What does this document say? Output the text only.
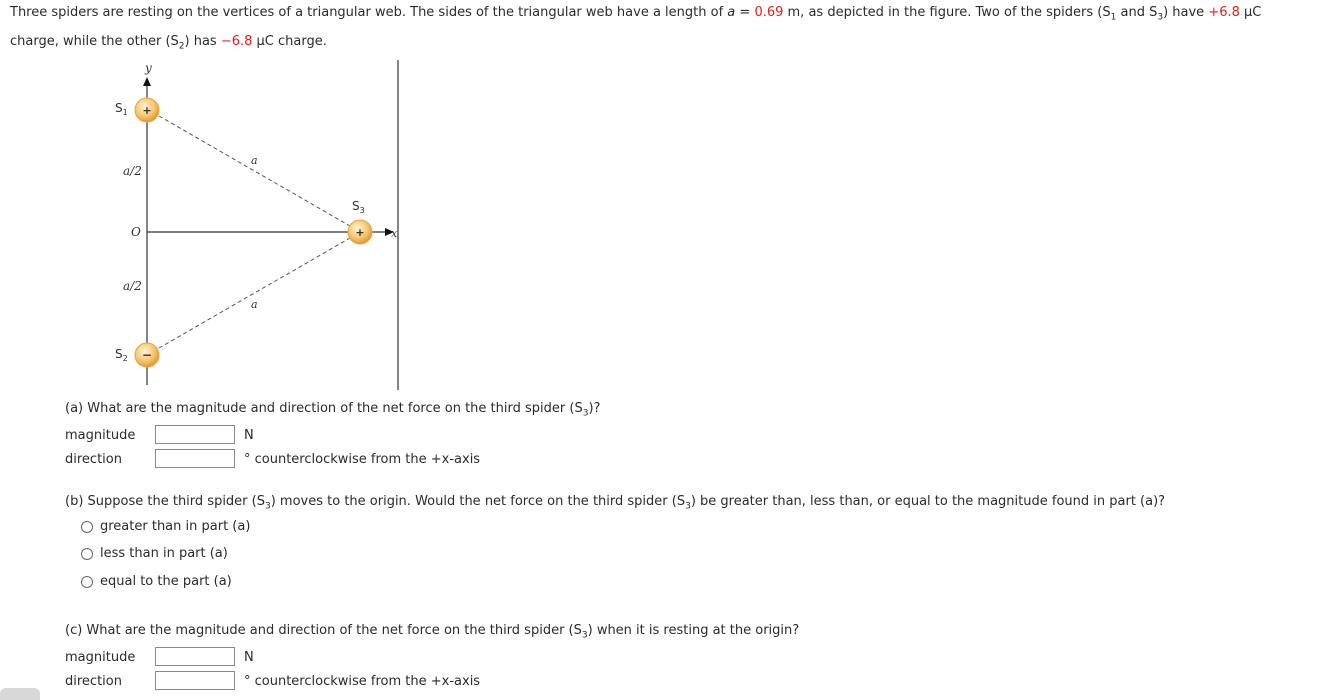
Three spiders are resting on the vertices of a triangular web. The sides of the triangular web have a length of a = 0.69 m, as depicted in the figure. Two of the spiders ($S_1$ and $S_3$) have +6.8 μC charge, while the other $(S_2)$ has −6.8 μC charge.
y
x
O
a/2
a/2
a
a
$S_1$
$S_2$
$S_3$
+
−
+
(a) What are the magnitude and direction of the net force on the third spider $(S_3)$?
magnitude	N
direction	° counterclockwise from the +x-axis
(b) Suppose the third spider $(S_3)$ moves to the origin. Would the net force on the third spider $(S_3)$ be greater than, less than, or equal to the magnitude found in part (a)?
greater than in part (a)
less than in part (a)
equal to the part (a)
(c) What are the magnitude and direction of the net force on the third spider $(S_3)$ when it is resting at the origin?
magnitude	N
direction	° counterclockwise from the +x-axis
